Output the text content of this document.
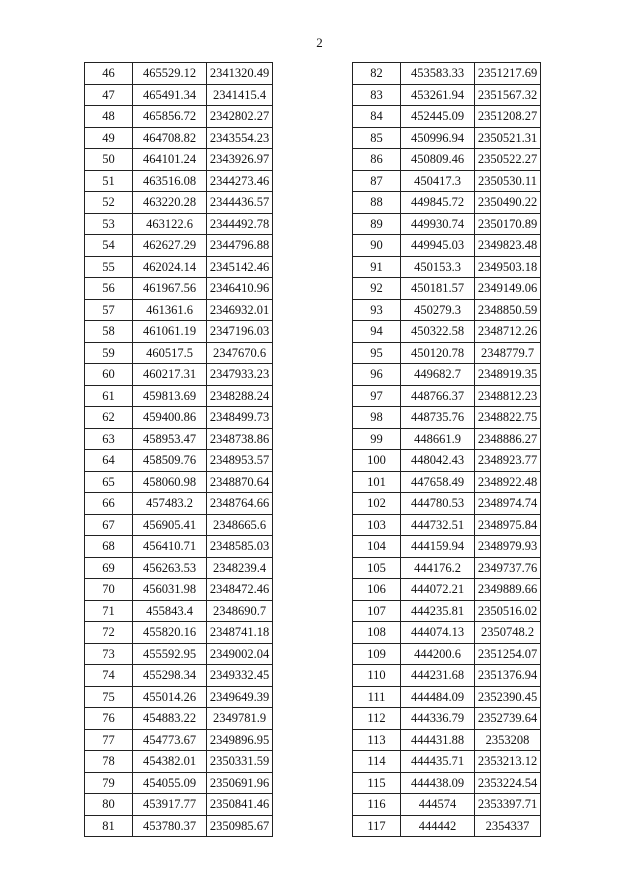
2
46	465529.12	2341320.49
47	465491.34	2341415.4
48	465856.72	2342802.27
49	464708.82	2343554.23
50	464101.24	2343926.97
51	463516.08	2344273.46
52	463220.28	2344436.57
53	463122.6	2344492.78
54	462627.29	2344796.88
55	462024.14	2345142.46
56	461967.56	2346410.96
57	461361.6	2346932.01
58	461061.19	2347196.03
59	460517.5	2347670.6
60	460217.31	2347933.23
61	459813.69	2348288.24
62	459400.86	2348499.73
63	458953.47	2348738.86
64	458509.76	2348953.57
65	458060.98	2348870.64
66	457483.2	2348764.66
67	456905.41	2348665.6
68	456410.71	2348585.03
69	456263.53	2348239.4
70	456031.98	2348472.46
71	455843.4	2348690.7
72	455820.16	2348741.18
73	455592.95	2349002.04
74	455298.34	2349332.45
75	455014.26	2349649.39
76	454883.22	2349781.9
77	454773.67	2349896.95
78	454382.01	2350331.59
79	454055.09	2350691.96
80	453917.77	2350841.46
81	453780.37	2350985.67
82	453583.33	2351217.69
83	453261.94	2351567.32
84	452445.09	2351208.27
85	450996.94	2350521.31
86	450809.46	2350522.27
87	450417.3	2350530.11
88	449845.72	2350490.22
89	449930.74	2350170.89
90	449945.03	2349823.48
91	450153.3	2349503.18
92	450181.57	2349149.06
93	450279.3	2348850.59
94	450322.58	2348712.26
95	450120.78	2348779.7
96	449682.7	2348919.35
97	448766.37	2348812.23
98	448735.76	2348822.75
99	448661.9	2348886.27
100	448042.43	2348923.77
101	447658.49	2348922.48
102	444780.53	2348974.74
103	444732.51	2348975.84
104	444159.94	2348979.93
105	444176.2	2349737.76
106	444072.21	2349889.66
107	444235.81	2350516.02
108	444074.13	2350748.2
109	444200.6	2351254.07
110	444231.68	2351376.94
111	444484.09	2352390.45
112	444336.79	2352739.64
113	444431.88	2353208
114	444435.71	2353213.12
115	444438.09	2353224.54
116	444574	2353397.71
117	444442	2354337
